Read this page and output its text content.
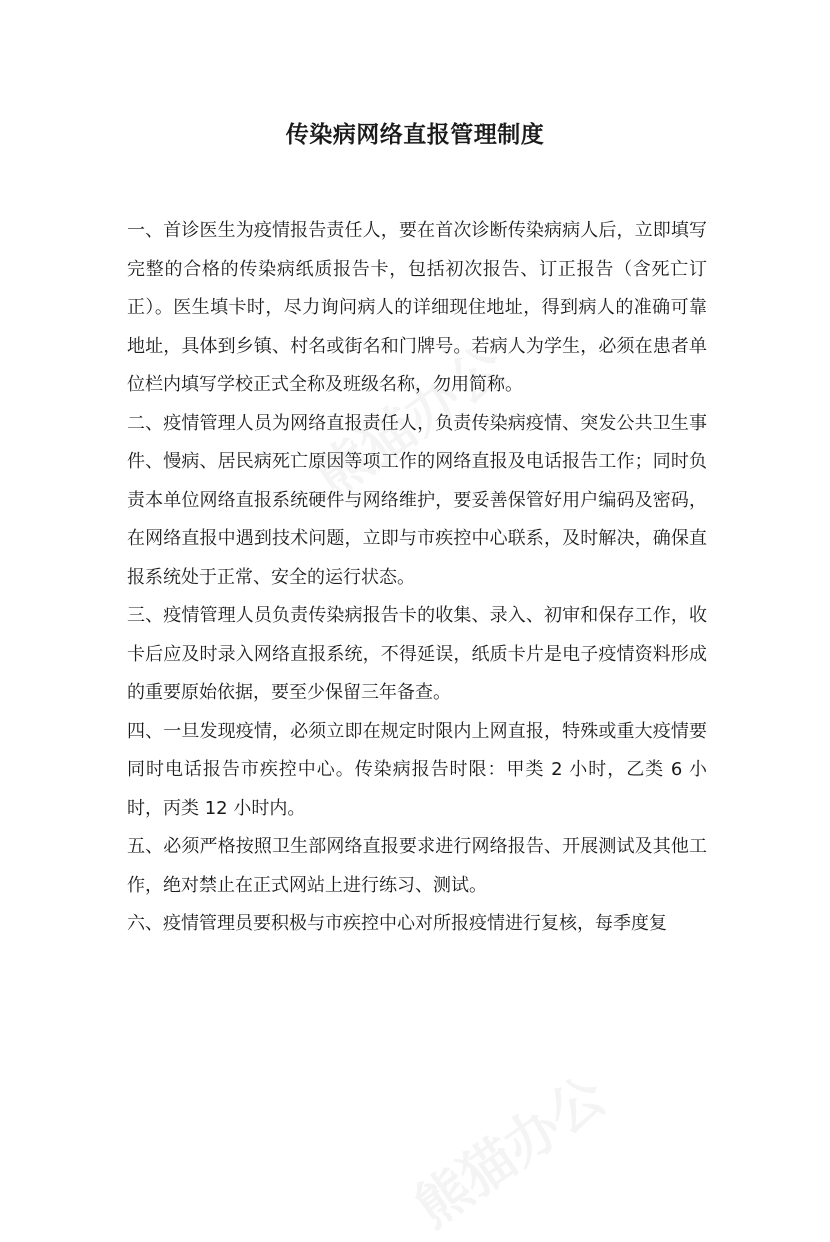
传染病网络直报管理制度

一、首诊医生为疫情报告责任人，要在首次诊断传染病病人后，立即填写完整的合格的传染病纸质报告卡，包括初次报告、订正报告（含死亡订正）。医生填卡时，尽力询问病人的详细现住地址，得到病人的准确可靠地址，具体到乡镇、村名或街名和门牌号。若病人为学生，必须在患者单位栏内填写学校正式全称及班级名称，勿用简称。

二、疫情管理人员为网络直报责任人，负责传染病疫情、突发公共卫生事件、慢病、居民病死亡原因等项工作的网络直报及电话报告工作；同时负责本单位网络直报系统硬件与网络维护，要妥善保管好用户编码及密码，在网络直报中遇到技术问题，立即与市疾控中心联系，及时解决，确保直报系统处于正常、安全的运行状态。

三、疫情管理人员负责传染病报告卡的收集、录入、初审和保存工作，收卡后应及时录入网络直报系统，不得延误，纸质卡片是电子疫情资料形成的重要原始依据，要至少保留三年备查。

四、一旦发现疫情，必须立即在规定时限内上网直报，特殊或重大疫情要同时电话报告市疾控中心。传染病报告时限：甲类 2 小时，乙类 6 小时，丙类 12 小时内。

五、必须严格按照卫生部网络直报要求进行网络报告、开展测试及其他工作，绝对禁止在正式网站上进行练习、测试。

六、疫情管理员要积极与市疾控中心对所报疫情进行复核，每季度复
